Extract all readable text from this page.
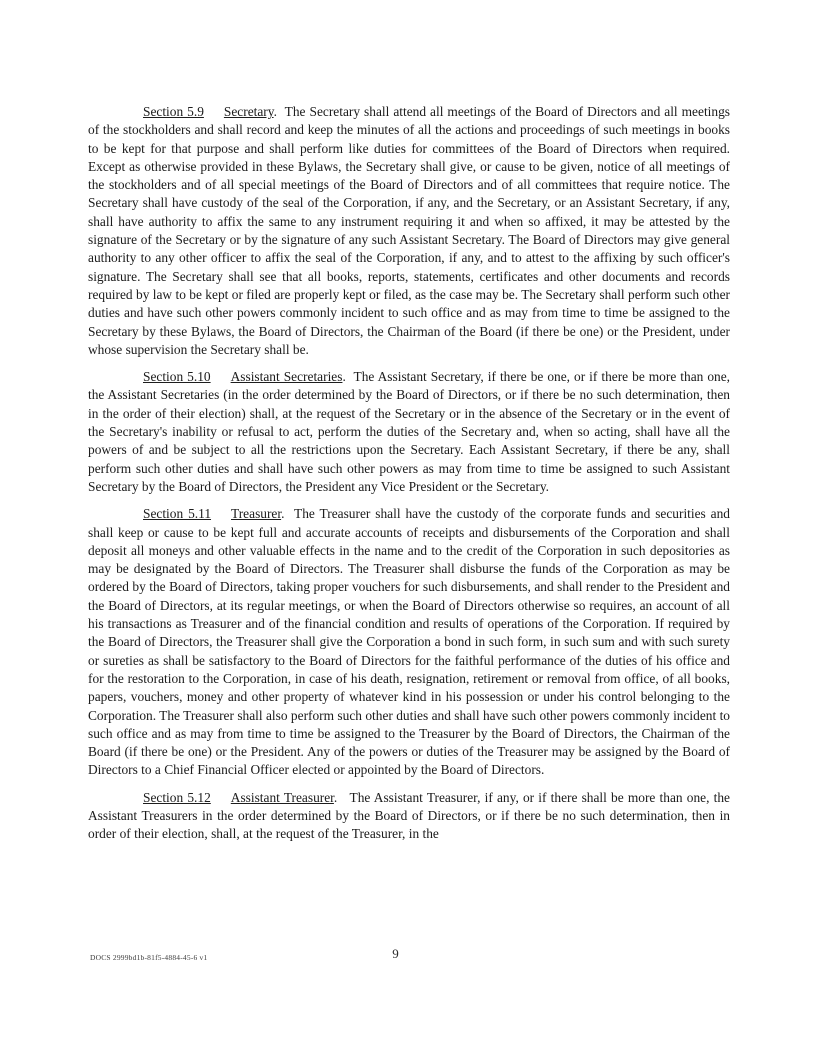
Section 5.9 Secretary.  The Secretary shall attend all meetings of the Board of Directors and all meetings of the stockholders and shall record and keep the minutes of all the actions and proceedings of such meetings in books to be kept for that purpose and shall perform like duties for committees of the Board of Directors when required. Except as otherwise provided in these Bylaws, the Secretary shall give, or cause to be given, notice of all meetings of the stockholders and of all special meetings of the Board of Directors and of all committees that require notice. The Secretary shall have custody of the seal of the Corporation, if any, and the Secretary, or an Assistant Secretary, if any, shall have authority to affix the same to any instrument requiring it and when so affixed, it may be attested by the signature of the Secretary or by the signature of any such Assistant Secretary. The Board of Directors may give general authority to any other officer to affix the seal of the Corporation, if any, and to attest to the affixing by such officer's signature. The Secretary shall see that all books, reports, statements, certificates and other documents and records required by law to be kept or filed are properly kept or filed, as the case may be. The Secretary shall perform such other duties and have such other powers commonly incident to such office and as may from time to time be assigned to the Secretary by these Bylaws, the Board of Directors, the Chairman of the Board (if there be one) or the President, under whose supervision the Secretary shall be.

Section 5.10 Assistant Secretaries.  The Assistant Secretary, if there be one, or if there be more than one, the Assistant Secretaries (in the order determined by the Board of Directors, or if there be no such determination, then in the order of their election) shall, at the request of the Secretary or in the absence of the Secretary or in the event of the Secretary's inability or refusal to act, perform the duties of the Secretary and, when so acting, shall have all the powers of and be subject to all the restrictions upon the Secretary. Each Assistant Secretary, if there be any, shall perform such other duties and shall have such other powers as may from time to time be assigned to such Assistant Secretary by the Board of Directors, the President any Vice President or the Secretary.

Section 5.11 Treasurer.  The Treasurer shall have the custody of the corporate funds and securities and shall keep or cause to be kept full and accurate accounts of receipts and disbursements of the Corporation and shall deposit all moneys and other valuable effects in the name and to the credit of the Corporation in such depositories as may be designated by the Board of Directors. The Treasurer shall disburse the funds of the Corporation as may be ordered by the Board of Directors, taking proper vouchers for such disbursements, and shall render to the President and the Board of Directors, at its regular meetings, or when the Board of Directors otherwise so requires, an account of all his transactions as Treasurer and of the financial condition and results of operations of the Corporation. If required by the Board of Directors, the Treasurer shall give the Corporation a bond in such form, in such sum and with such surety or sureties as shall be satisfactory to the Board of Directors for the faithful performance of the duties of his office and for the restoration to the Corporation, in case of his death, resignation, retirement or removal from office, of all books, papers, vouchers, money and other property of whatever kind in his possession or under his control belonging to the Corporation. The Treasurer shall also perform such other duties and shall have such other powers commonly incident to such office and as may from time to time be assigned to the Treasurer by the Board of Directors, the Chairman of the Board (if there be one) or the President. Any of the powers or duties of the Treasurer may be assigned by the Board of Directors to a Chief Financial Officer elected or appointed by the Board of Directors.

Section 5.12 Assistant Treasurer.   The Assistant Treasurer, if any, or if there shall be more than one, the Assistant Treasurers in the order determined by the Board of Directors, or if there be no such determination, then in order of their election, shall, at the request of the Treasurer, in the

DOCS 2999bd1b-81f5-4884-45-6 v1	9
